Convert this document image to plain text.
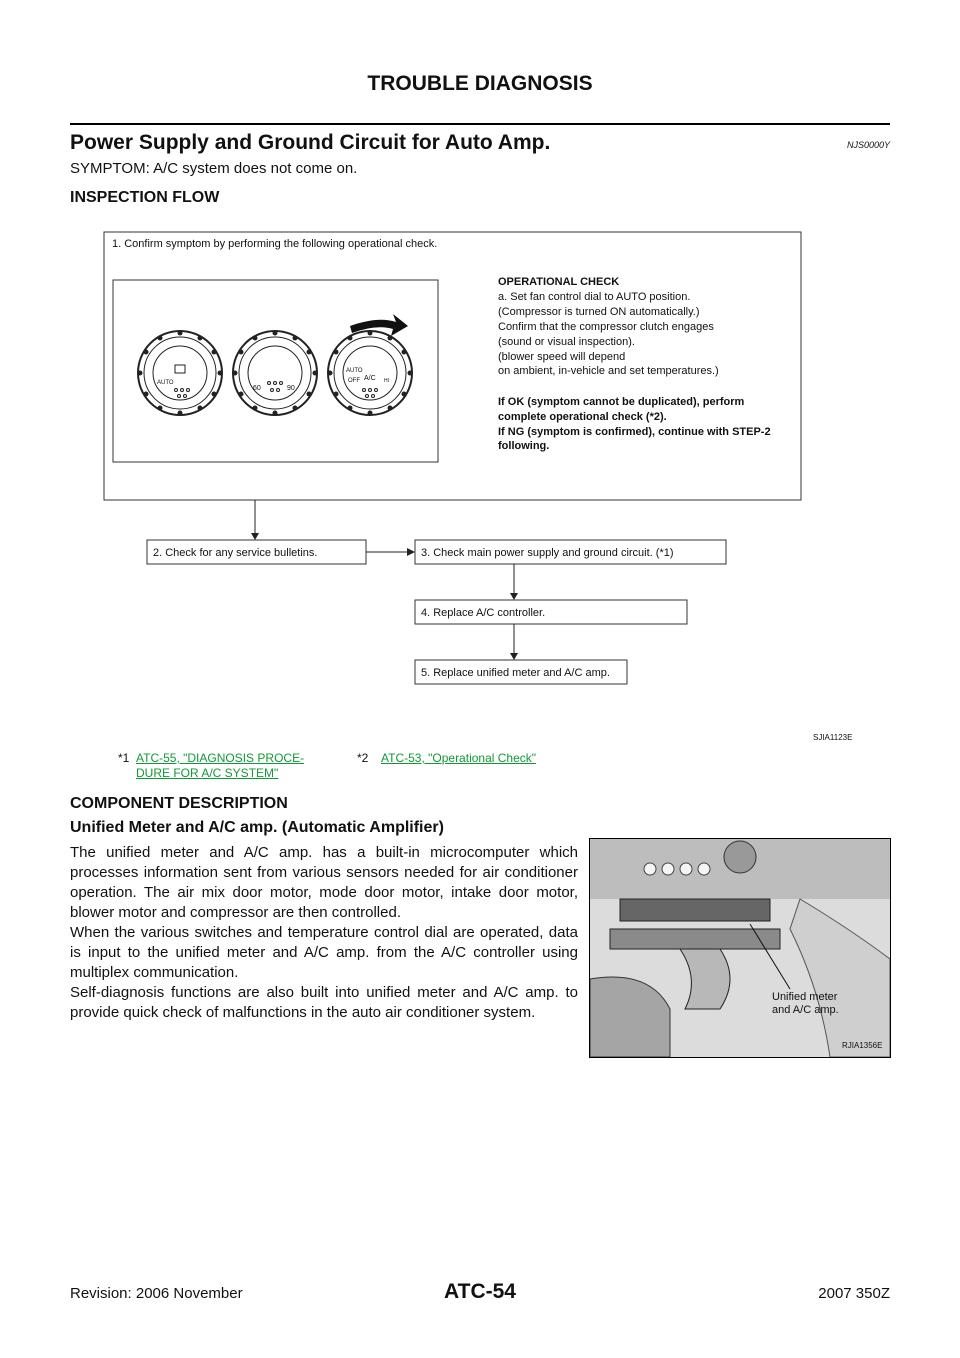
TROUBLE DIAGNOSIS
Power Supply and Ground Circuit for Auto Amp.	NJS0000Y
SYMPTOM: A/C system does not come on.
INSPECTION FLOW
1. Confirm symptom by performing the following operational check.
AUTO
60	90
AUTO
OFF A/C HI
OPERATIONAL CHECK
a. Set fan control dial to AUTO position.
(Compressor is turned ON automatically.)
Confirm that the compressor clutch engages
(sound or visual inspection).
(blower speed will depend
on ambient, in-vehicle and set temperatures.)
If OK (symptom cannot be duplicated), perform
complete operational check (*2).
If NG (symptom is confirmed), continue with STEP-2
following.
2. Check for any service bulletins.	3. Check main power supply and ground circuit. (*1)
4. Replace A/C controller.
5. Replace unified meter and A/C amp.
SJIA1123E
*1 ATC-55, "DIAGNOSIS PROCE-
DURE FOR A/C SYSTEM"
*2 ATC-53, "Operational Check"
COMPONENT DESCRIPTION
Unified Meter and A/C amp. (Automatic Amplifier)

The unified meter and A/C amp. has a built-in microcomputer which processes information sent from various sensors needed for air conditioner operation. The air mix door motor, mode door motor, intake door motor, blower motor and compressor are then controlled.

When the various switches and temperature control dial are operated, data is input to the unified meter and A/C amp. from the A/C controller using multiplex communication.

Self-diagnosis functions are also built into unified meter and A/C amp. to provide quick check of malfunctions in the auto air conditioner system.

Unified meter
and A/C amp.
RJIA1356E
Revision: 2006 November	ATC-54	2007 350Z
